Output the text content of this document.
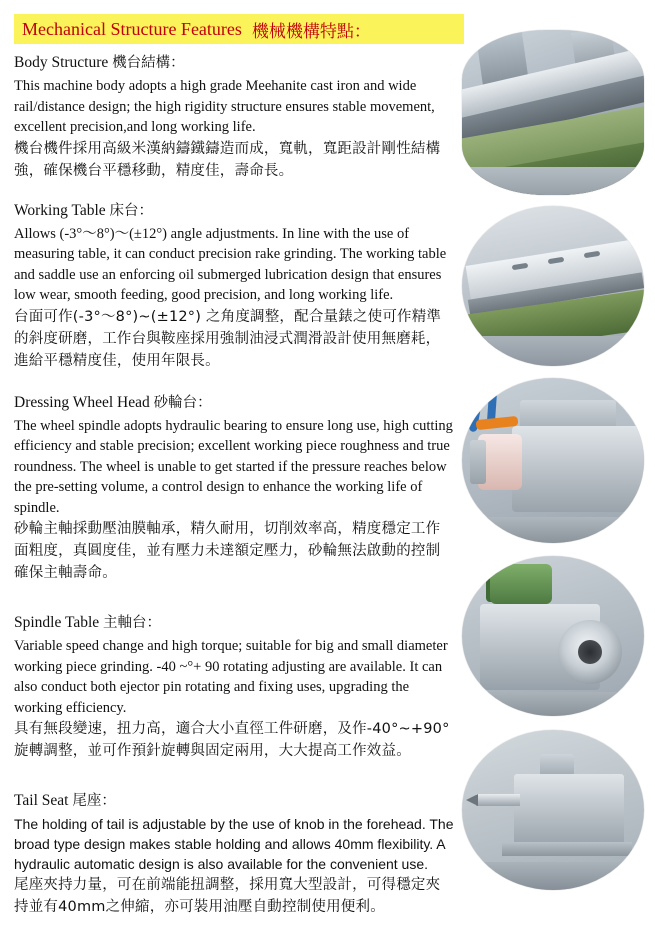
Mechanical Structure Features 機械機構特點：
Body Structure 機台結構：
This machine body adopts a high grade Meehanite cast iron and wide rail/distance design; the high rigidity structure ensures stable movement, excellent precision,and long working life.
機台機件採用高級米漢納鑄鐵鑄造而成，寬軌，寬距設計剛性結構強，確保機台平穩移動，精度佳，壽命長。
Working Table 床台：
Allows (-3°～8°)～(±12°) angle adjustments. In line with the use of measuring table, it can conduct precision rake grinding. The working table and saddle use an enforcing oil submerged lubrication design that ensures low wear, smooth feeding, good precision, and long working life.
台面可作(-3°～8°)~(±12°) 之角度調整，配合量錶之使可作精準的斜度研磨，工作台與鞍座採用強制油浸式潤滑設計使用無磨耗，進給平穩精度佳，使用年限長。
Dressing Wheel Head 砂輪台：
The wheel spindle adopts hydraulic bearing to ensure long use, high cutting efficiency and stable precision; excellent working piece roughness and true roundness. The wheel is unable to get started if the pressure reaches below the pre-setting volume, a control design to enhance the working life of spindle.
砂輪主軸採動壓油膜軸承，精久耐用，切削效率高，精度穩定工作面粗度，真圓度佳，並有壓力未達額定壓力，砂輪無法啟動的控制確保主軸壽命。
Spindle Table 主軸台：
Variable speed change and high torque; suitable for big and small diameter working piece grinding. -40 ~°+ 90 rotating adjusting are available. It can also conduct both ejector pin rotating and fixing uses, upgrading the working efficiency.
具有無段變速，扭力高，適合大小直徑工件研磨，及作-40°~+90°旋轉調整，並可作預針旋轉與固定兩用，大大提高工作效益。
Tail Seat 尾座：
The holding of tail is adjustable by the use of knob in the forehead. The broad type design makes stable holding and allows 40mm flexibility. A hydraulic automatic design is also available for the convenient use.
尾座夾持力量，可在前端能扭調整，採用寬大型設計，可得穩定夾持並有40mm之伸縮，亦可裝用油壓自動控制使用便利。
